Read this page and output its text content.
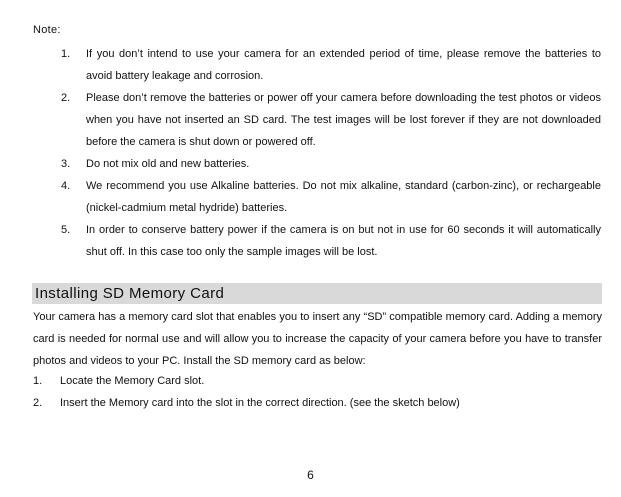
Note:
1. If you don’t intend to use your camera for an extended period of time, please remove the batteries to avoid battery leakage and corrosion.
2. Please don’t remove the batteries or power off your camera before downloading the test photos or videos when you have not inserted an SD card. The test images will be lost forever if they are not downloaded before the camera is shut down or powered off.
3. Do not mix old and new batteries.
4. We recommend you use Alkaline batteries. Do not mix alkaline, standard (carbon-zinc), or rechargeable (nickel-cadmium metal hydride) batteries.
5. In order to conserve battery power if the camera is on but not in use for 60 seconds it will automatically shut off. In this case too only the sample images will be lost.
Installing SD Memory Card
Your camera has a memory card slot that enables you to insert any “SD” compatible memory card. Adding a memory card is needed for normal use and will allow you to increase the capacity of your camera before you have to transfer photos and videos to your PC. Install the SD memory card as below:
1. Locate the Memory Card slot.
2. Insert the Memory card into the slot in the correct direction. (see the sketch below)
6
